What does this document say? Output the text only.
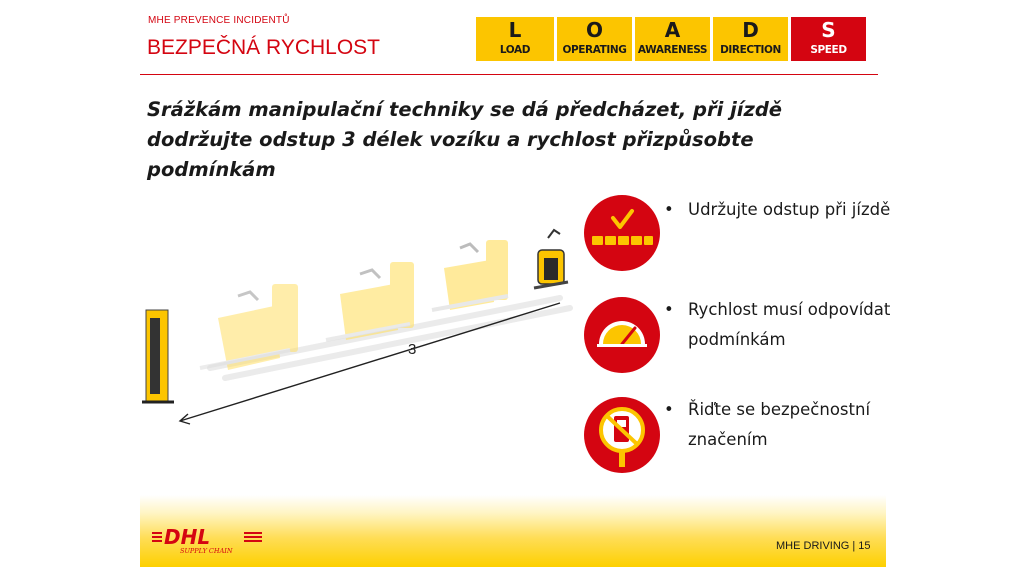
MHE PREVENCE INCIDENTŮ
BEZPEČNÁ RYCHLOST
L
LOAD
O
OPERATING
A
AWARENESS
D
DIRECTION
S
SPEED
Srážkám manipulační techniky se dá předcházet, při jízdě dodržujte odstup 3 délek vozíku a rychlost přizpůsobte podmínkám
3
• Udržujte odstup při jízdě
• Rychlost musí odpovídat podmínkám
• Řiďte se bezpečnostní značením
DHL
SUPPLY CHAIN	MHE DRIVING | 15
